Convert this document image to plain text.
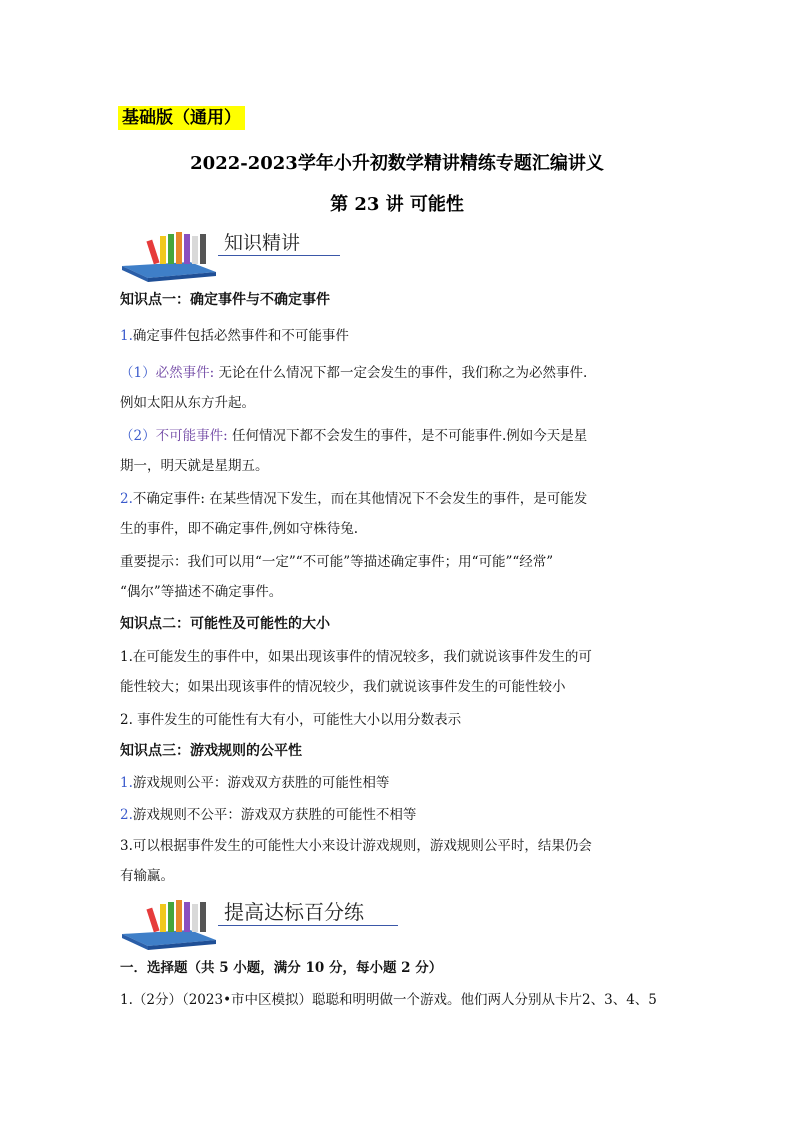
基础版（通用）
2022-2023学年小升初数学精讲精练专题汇编讲义
第 23 讲 可能性
知识精讲
知识点一：确定事件与不确定事件
1.确定事件包括必然事件和不可能事件
（1）必然事件: 无论在什么情况下都一定会发生的事件，我们称之为必然事件.
例如太阳从东方升起。
（2）不可能事件: 任何情况下都不会发生的事件，是不可能事件.例如今天是星
期一，明天就是星期五。
2.不确定事件: 在某些情况下发生，而在其他情况下不会发生的事件，是可能发
生的事件，即不确定事件,例如守株待兔.
重要提示：我们可以用“一定”“不可能”等描述确定事件；用“可能”“经常”
“偶尔”等描述不确定事件。
知识点二：可能性及可能性的大小
1.在可能发生的事件中，如果出现该事件的情况较多，我们就说该事件发生的可
能性较大；如果出现该事件的情况较少，我们就说该事件发生的可能性较小
2. 事件发生的可能性有大有小，可能性大小以用分数表示
知识点三：游戏规则的公平性
1.游戏规则公平：游戏双方获胜的可能性相等
2.游戏规则不公平：游戏双方获胜的可能性不相等
3.可以根据事件发生的可能性大小来设计游戏规则，游戏规则公平时，结果仍会
有输赢。
提高达标百分练
一．选择题（共 5 小题，满分 10 分，每小题 2 分）
1.（2分）（2023•市中区模拟）聪聪和明明做一个游戏。他们两人分别从卡片2、3、4、5
